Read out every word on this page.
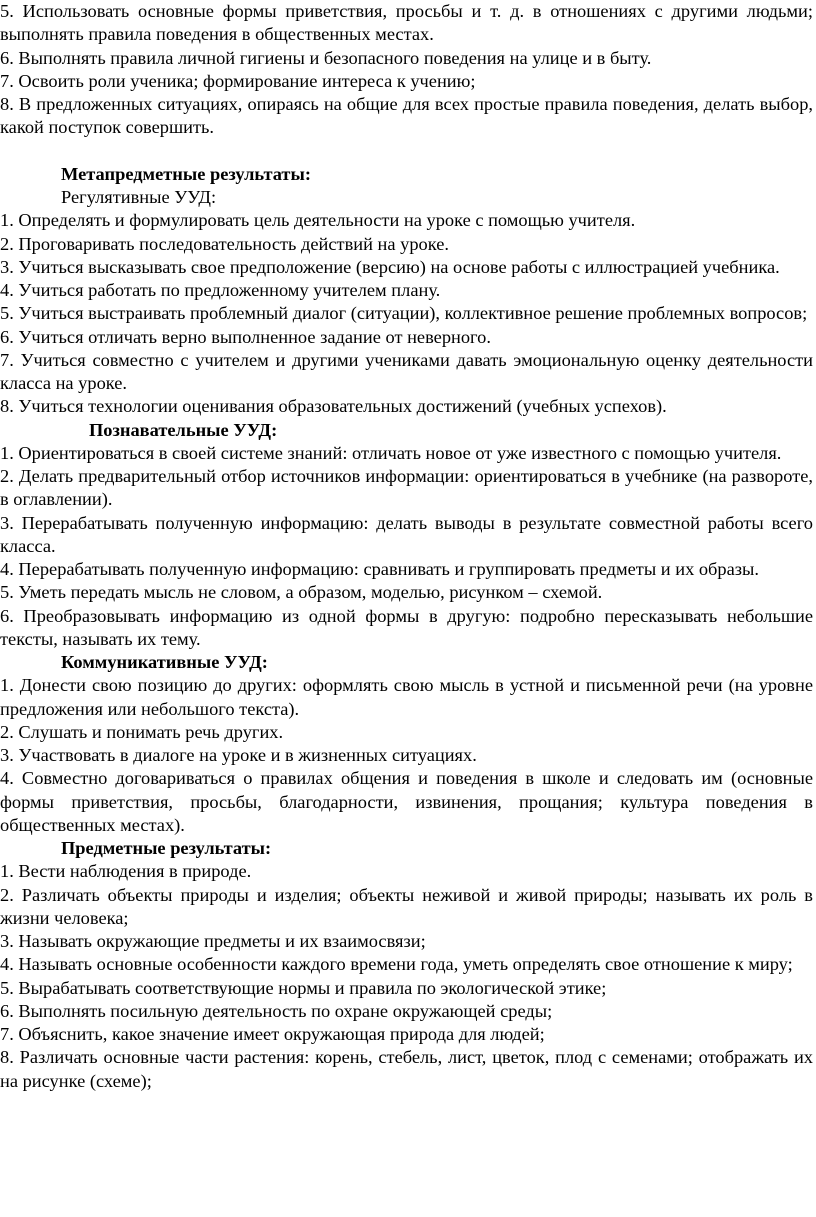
5. Использовать основные формы приветствия, просьбы и т. д. в отношениях с другими людьми; выполнять правила поведения в общественных местах.

6. Выполнять правила личной гигиены и безопасного поведения на улице и в быту.

7. Освоить роли ученика; формирование интереса к учению;

8. В предложенных ситуациях, опираясь на общие для всех простые правила поведения, делать выбор, какой поступок совершить.

Метапредметные результаты:

Регулятивные УУД:

1. Определять и формулировать цель деятельности на уроке с помощью учителя.

2. Проговаривать последовательность действий на уроке.

3. Учиться высказывать свое предположение (версию) на основе работы с иллюстрацией учебника.

4. Учиться работать по предложенному учителем плану.

5. Учиться выстраивать проблемный диалог (ситуации), коллективное решение проблемных вопросов;

6. Учиться отличать верно выполненное задание от неверного.

7. Учиться совместно с учителем и другими учениками давать эмоциональную оценку деятельности класса на уроке.

8. Учиться технологии оценивания образовательных достижений (учебных успехов).

Познавательные УУД:

1. Ориентироваться в своей системе знаний: отличать новое от уже известного с помощью учителя.

2. Делать предварительный отбор источников информации: ориентироваться в учебнике (на развороте, в оглавлении).

3. Перерабатывать полученную информацию: делать выводы в результате совместной работы всего класса.

4. Перерабатывать полученную информацию: сравнивать и группировать предметы и их образы.

5. Уметь передать мысль не словом, а образом, моделью, рисунком – схемой.

6. Преобразовывать информацию из одной формы в другую: подробно пересказывать небольшие тексты, называть их тему.

Коммуникативные УУД:

1. Донести свою позицию до других: оформлять свою мысль в устной и письменной речи (на уровне предложения или небольшого текста).

2. Слушать и понимать речь других.

3. Участвовать в диалоге на уроке и в жизненных ситуациях.

4. Совместно договариваться о правилах общения и поведения в школе и следовать им (основные формы приветствия, просьбы, благодарности, извинения, прощания; культура поведения в общественных местах).

Предметные результаты:

1. Вести наблюдения в природе.

2. Различать объекты природы и изделия; объекты неживой и живой природы; называть их роль в жизни человека;

3. Называть окружающие предметы и их взаимосвязи;

4. Называть основные особенности каждого времени года, уметь определять свое отношение к миру;

5. Вырабатывать соответствующие нормы и правила по экологической этике;

6. Выполнять посильную деятельность по охране окружающей среды;

7. Объяснить, какое значение имеет окружающая природа для людей;

8. Различать основные части растения: корень, стебель, лист, цветок, плод с семенами; отображать их на рисунке (схеме);
